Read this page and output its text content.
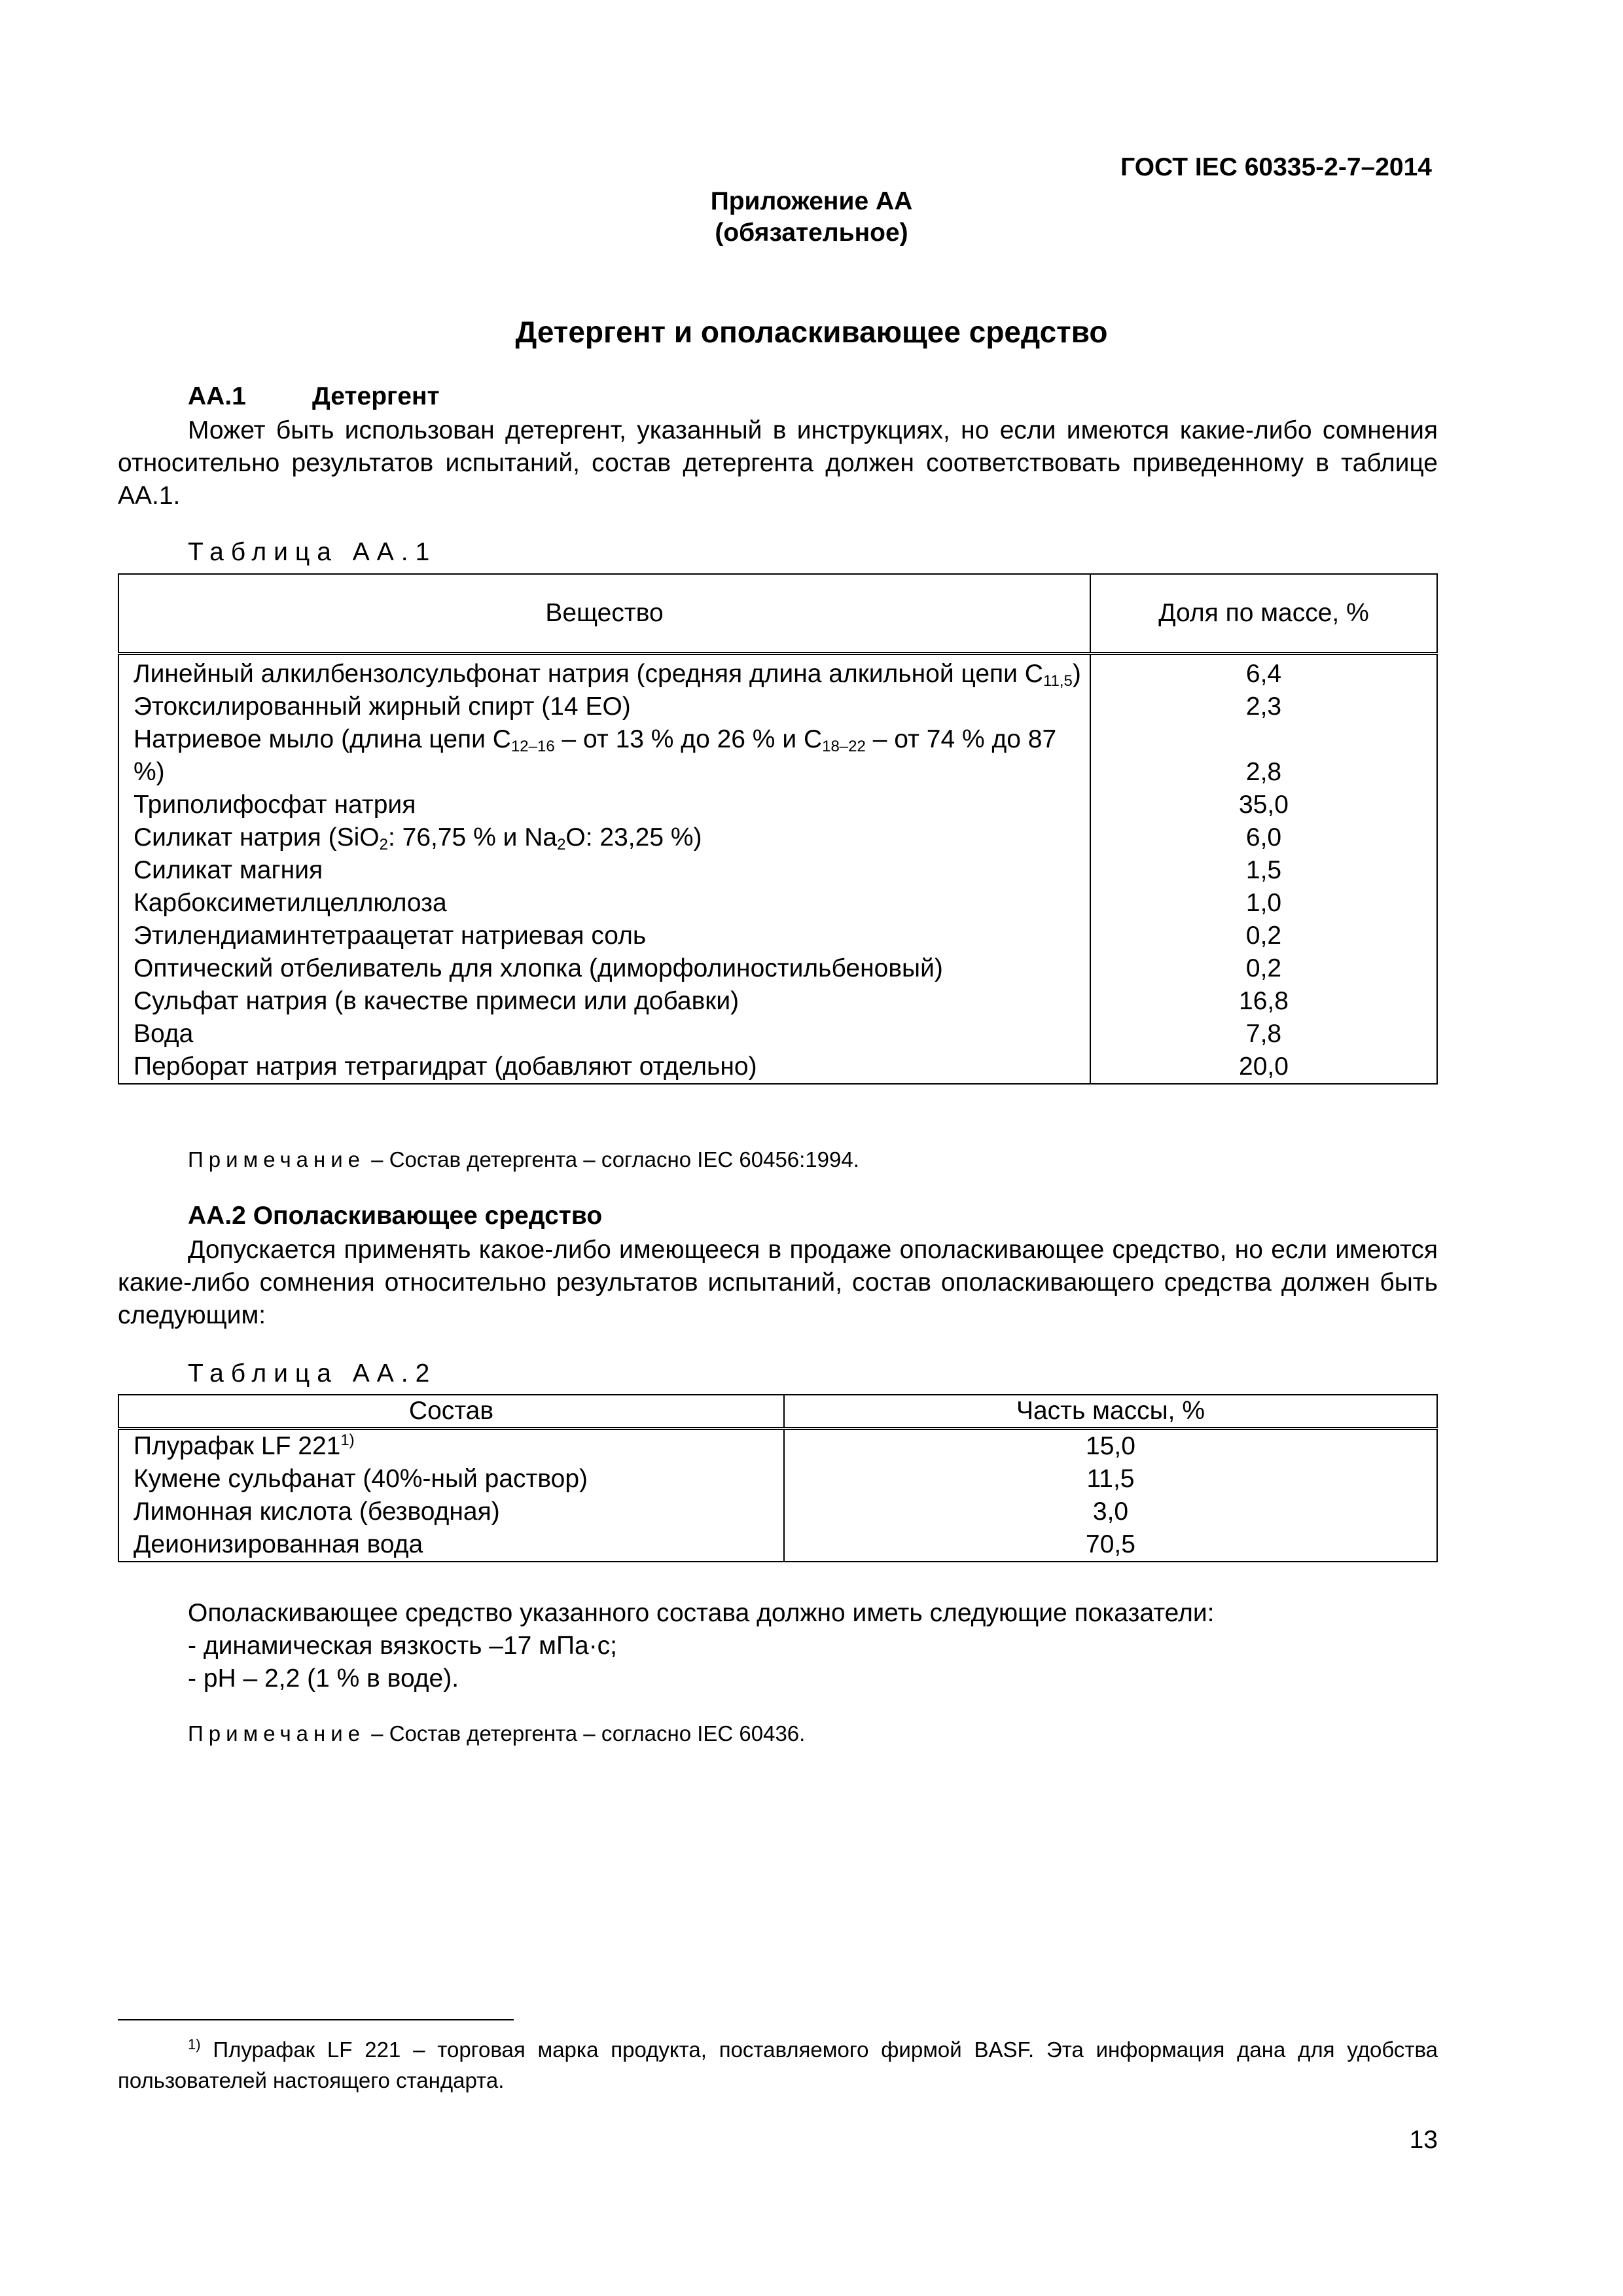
ГОСТ IEC 60335-2-7–2014
Приложение АА
(обязательное)
Детергент и ополаскивающее средство
АА.1	Детергент
Может быть использован детергент, указанный в инструкциях, но если имеются какие-либо сомнения относительно результатов испытаний, состав детергента должен соответствовать приведенному в таблице АА.1.
Таблица АА.1
Вещество	Доля по массе, %
Линейный алкилбензолсульфонат натрия (средняя длина алкильной цепи $C_{11,5}$)	6,4
Этоксилированный жирный спирт (14 EO)	2,3
Натриевое мыло (длина цепи $C_{12-16}$ – от 13 % до 26 % и $C_{18-22}$ – от 74 % до 87 %)	2,8
Триполифосфат натрия	35,0
Силикат натрия (SiO$_2$: 76,75 % и $Na_2O$: 23,25 %)	6,0
Силикат магния	1,5
Карбоксиметилцеллюлоза	1,0
Этилендиаминтетраацетат натриевая соль	0,2
Оптический отбеливатель для хлопка (диморфолиностильбеновый)	0,2
Сульфат натрия (в качестве примеси или добавки)	16,8
Вода	7,8
Перборат натрия тетрагидрат (добавляют отдельно)	20,0
Примечание – Состав детергента – согласно IEC 60456:1994.
АА.2 Ополаскивающее средство
Допускается применять какое-либо имеющееся в продаже ополаскивающее средство, но если имеются какие-либо сомнения относительно результатов испытаний, состав ополаскивающего средства должен быть следующим:
Таблица АА.2
Состав	Часть массы, %
Плурафак LF 221$^{1)}$	15,0
Кумене сульфанат (40%-ный раствор)	11,5
Лимонная кислота (безводная)	3,0
Деионизированная вода	70,5
Ополаскивающее средство указанного состава должно иметь следующие показатели:
- динамическая вязкость –17 мПа·с;
- pH – 2,2 (1 % в воде).
Примечание – Состав детергента – согласно IEC 60436.
$^{1)}$ Плурафак LF 221 – торговая марка продукта, поставляемого фирмой BASF. Эта информация дана для удобства пользователей настоящего стандарта.
13
